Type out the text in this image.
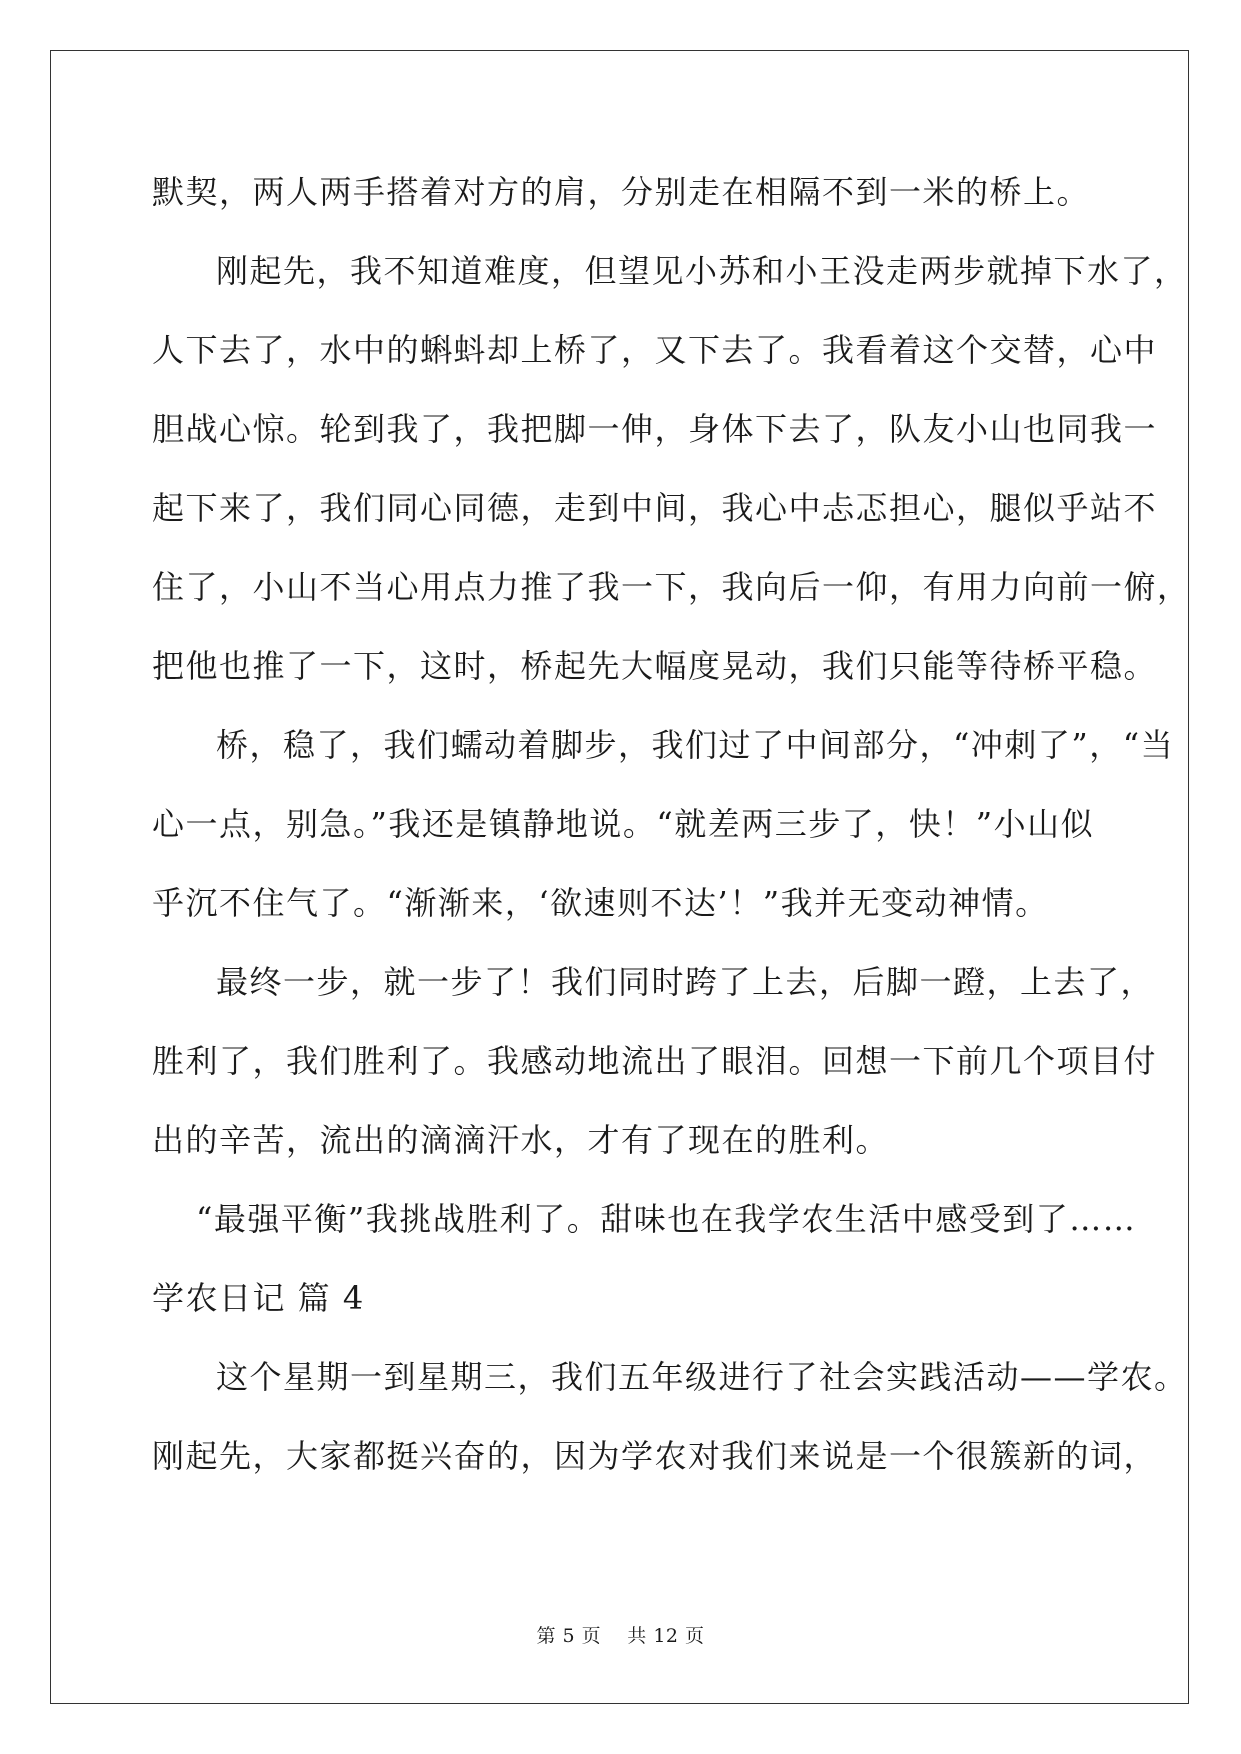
默契，两人两手搭着对方的肩，分别走在相隔不到一米的桥上。
刚起先，我不知道难度，但望见小苏和小王没走两步就掉下水了，
人下去了，水中的蝌蚪却上桥了，又下去了。我看着这个交替，心中
胆战心惊。轮到我了，我把脚一伸，身体下去了，队友小山也同我一
起下来了，我们同心同德，走到中间，我心中忐忑担心，腿似乎站不
住了，小山不当心用点力推了我一下，我向后一仰，有用力向前一俯，
把他也推了一下，这时，桥起先大幅度晃动，我们只能等待桥平稳。
桥，稳了，我们蠕动着脚步，我们过了中间部分，“冲刺了”，“当
心一点，别急。”我还是镇静地说。“就差两三步了，快！”小山似
乎沉不住气了。“渐渐来，‘欲速则不达’！”我并无变动神情。
最终一步，就一步了！我们同时跨了上去，后脚一蹬，上去了，
胜利了，我们胜利了。我感动地流出了眼泪。回想一下前几个项目付
出的辛苦，流出的滴滴汗水，才有了现在的胜利。
“最强平衡”我挑战胜利了。甜味也在我学农生活中感受到了……
学农日记 篇 4
这个星期一到星期三，我们五年级进行了社会实践活动——学农。
刚起先，大家都挺兴奋的，因为学农对我们来说是一个很簇新的词，
第 5 页    共 12 页
